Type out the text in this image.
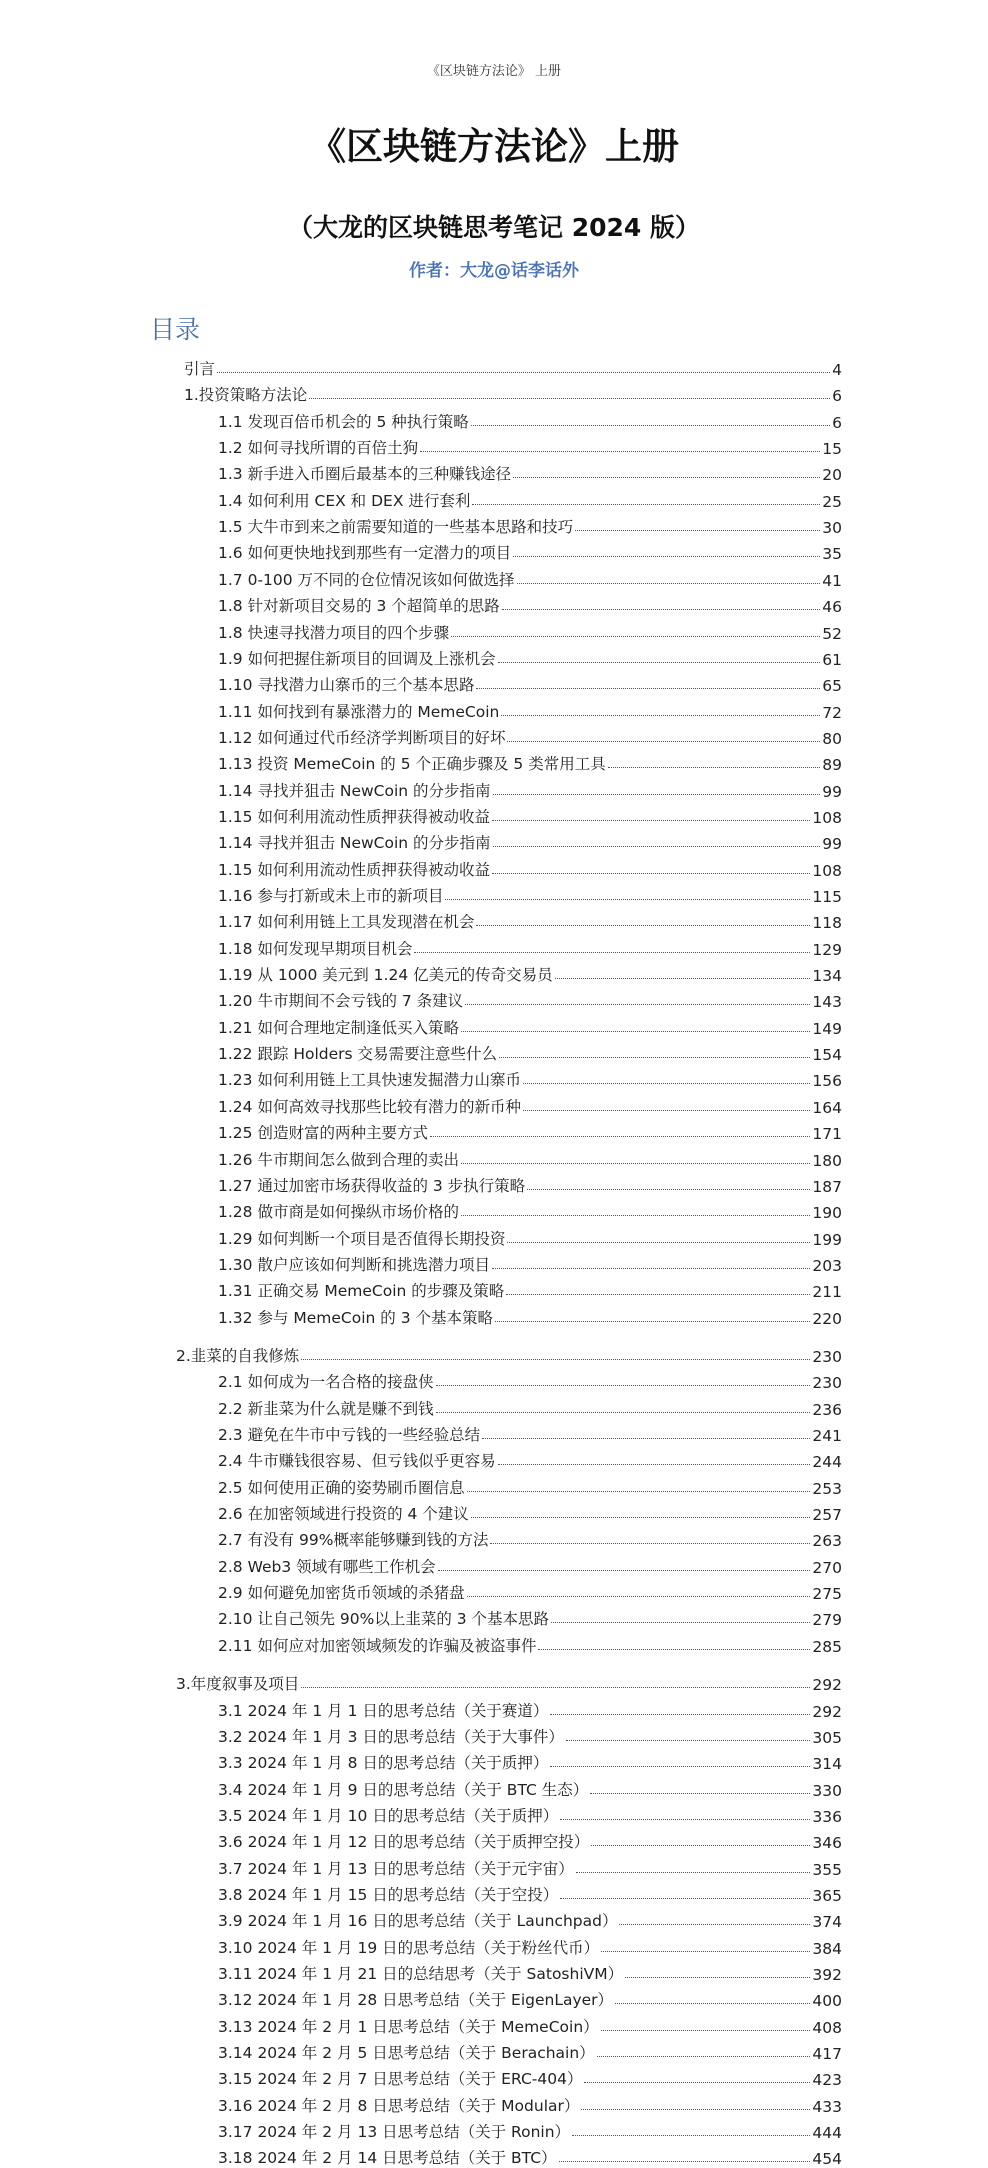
《区块链方法论》 上册
《区块链方法论》上册
（大龙的区块链思考笔记 2024 版）
作者：大龙@话李话外
目录
引言	4
1.投资策略方法论	6
1.1 发现百倍币机会的 5 种执行策略	6
1.2 如何寻找所谓的百倍土狗	15
1.3 新手进入币圈后最基本的三种赚钱途径	20
1.4 如何利用 CEX 和 DEX 进行套利	25
1.5 大牛市到来之前需要知道的一些基本思路和技巧	30
1.6 如何更快地找到那些有一定潜力的项目	35
1.7 0-100 万不同的仓位情况该如何做选择	41
1.8 针对新项目交易的 3 个超简单的思路	46
1.8 快速寻找潜力项目的四个步骤	52
1.9 如何把握住新项目的回调及上涨机会	61
1.10 寻找潜力山寨币的三个基本思路	65
1.11 如何找到有暴涨潜力的 MemeCoin	72
1.12 如何通过代币经济学判断项目的好坏	80
1.13 投资 MemeCoin 的 5 个正确步骤及 5 类常用工具	89
1.14 寻找并狙击 NewCoin 的分步指南	99
1.15 如何利用流动性质押获得被动收益	108
1.14 寻找并狙击 NewCoin 的分步指南	99
1.15 如何利用流动性质押获得被动收益	108
1.16 参与打新或未上市的新项目	115
1.17 如何利用链上工具发现潜在机会	118
1.18 如何发现早期项目机会	129
1.19 从 1000 美元到 1.24 亿美元的传奇交易员	134
1.20 牛市期间不会亏钱的 7 条建议	143
1.21 如何合理地定制逢低买入策略	149
1.22 跟踪 Holders 交易需要注意些什么	154
1.23 如何利用链上工具快速发掘潜力山寨币	156
1.24 如何高效寻找那些比较有潜力的新币种	164
1.25 创造财富的两种主要方式	171
1.26 牛市期间怎么做到合理的卖出	180
1.27 通过加密市场获得收益的 3 步执行策略	187
1.28 做市商是如何操纵市场价格的	190
1.29 如何判断一个项目是否值得长期投资	199
1.30 散户应该如何判断和挑选潜力项目	203
1.31 正确交易 MemeCoin 的步骤及策略	211
1.32 参与 MemeCoin 的 3 个基本策略	220
2.韭菜的自我修炼	230
2.1 如何成为一名合格的接盘侠	230
2.2 新韭菜为什么就是赚不到钱	236
2.3 避免在牛市中亏钱的一些经验总结	241
2.4 牛市赚钱很容易、但亏钱似乎更容易	244
2.5 如何使用正确的姿势刷币圈信息	253
2.6 在加密领域进行投资的 4 个建议	257
2.7 有没有 99%概率能够赚到钱的方法	263
2.8 Web3 领域有哪些工作机会	270
2.9 如何避免加密货币领域的杀猪盘	275
2.10 让自己领先 90%以上韭菜的 3 个基本思路	279
2.11 如何应对加密领域频发的诈骗及被盗事件	285
3.年度叙事及项目	292
3.1 2024 年 1 月 1 日的思考总结（关于赛道）	292
3.2 2024 年 1 月 3 日的思考总结（关于大事件）	305
3.3 2024 年 1 月 8 日的思考总结（关于质押）	314
3.4 2024 年 1 月 9 日的思考总结（关于 BTC 生态）	330
3.5 2024 年 1 月 10 日的思考总结（关于质押）	336
3.6 2024 年 1 月 12 日的思考总结（关于质押空投）	346
3.7 2024 年 1 月 13 日的思考总结（关于元宇宙）	355
3.8 2024 年 1 月 15 日的思考总结（关于空投）	365
3.9 2024 年 1 月 16 日的思考总结（关于 Launchpad）	374
3.10 2024 年 1 月 19 日的思考总结（关于粉丝代币）	384
3.11 2024 年 1 月 21 日的总结思考（关于 SatoshiVM）	392
3.12 2024 年 1 月 28 日思考总结（关于 EigenLayer）	400
3.13 2024 年 2 月 1 日思考总结（关于 MemeCoin）	408
3.14 2024 年 2 月 5 日思考总结（关于 Berachain）	417
3.15 2024 年 2 月 7 日思考总结（关于 ERC-404）	423
3.16 2024 年 2 月 8 日思考总结（关于 Modular）	433
3.17 2024 年 2 月 13 日思考总结（关于 Ronin）	444
3.18 2024 年 2 月 14 日思考总结（关于 BTC）	454
